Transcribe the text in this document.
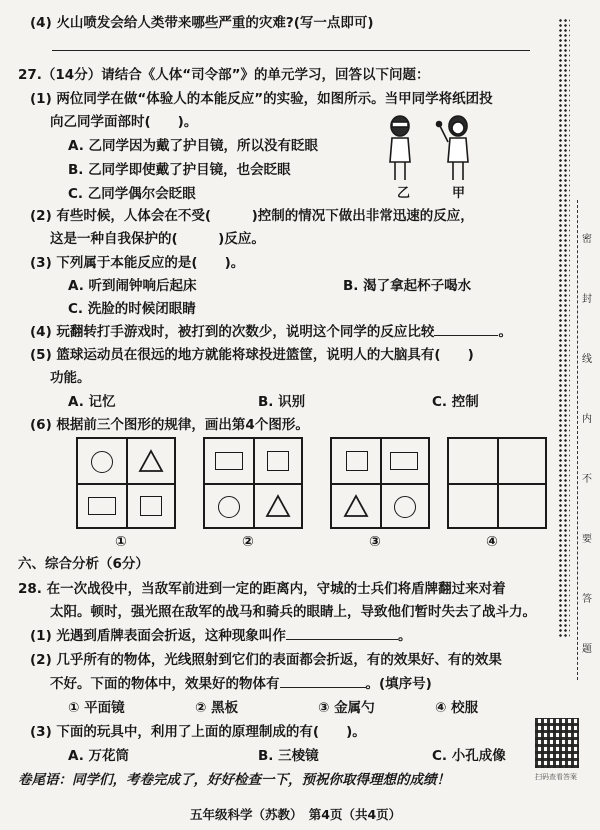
(4) 火山喷发会给人类带来哪些严重的灾难?(写一点即可)
27.（14分）请结合《人体“司令部”》的单元学习，回答以下问题：
(1) 两位同学在做“体验人的本能反应”的实验，如图所示。当甲同学将纸团投
向乙同学面部时(　　)。
A. 乙同学因为戴了护目镜，所以没有眨眼
B. 乙同学即使戴了护目镜，也会眨眼
C. 乙同学偶尔会眨眼	乙	甲
(2) 有些时候，人体会在不受(　　　)控制的情况下做出非常迅速的反应，
这是一种自我保护的(　　　)反应。
(3) 下列属于本能反应的是(　　)。
A. 听到闹钟响后起床	B. 渴了拿起杯子喝水
C. 洗脸的时候闭眼睛
(4) 玩翻转打手游戏时，被打到的次数少，说明这个同学的反应比较	。
(5) 篮球运动员在很远的地方就能将球投进篮筐，说明人的大脑具有(　　)
功能。
A. 记忆	B. 识别	C. 控制
(6) 根据前三个图形的规律，画出第4个图形。
①	②	③	④
六、综合分析（6分）
28. 在一次战役中，当敌军前进到一定的距离内，守城的士兵们将盾牌翻过来对着
太阳。顿时，强光照在敌军的战马和骑兵的眼睛上，导致他们暂时失去了战斗力。
(1) 光遇到盾牌表面会折返，这种现象叫作	。
(2) 几乎所有的物体，光线照射到它们的表面都会折返，有的效果好、有的效果
不好。下面的物体中，效果好的物体有	。(填序号)
① 平面镜	② 黑板	③ 金属勺	④ 校服
(3) 下面的玩具中，利用了上面的原理制成的有(　　)。
A. 万花筒	B. 三棱镜	C. 小孔成像
卷尾语：同学们，考卷完成了，好好检查一下，预祝你取得理想的成绩！
五年级科学（苏教）　第4页（共4页）
扫码查看答案
密
封
线
内
不
要
答
题
